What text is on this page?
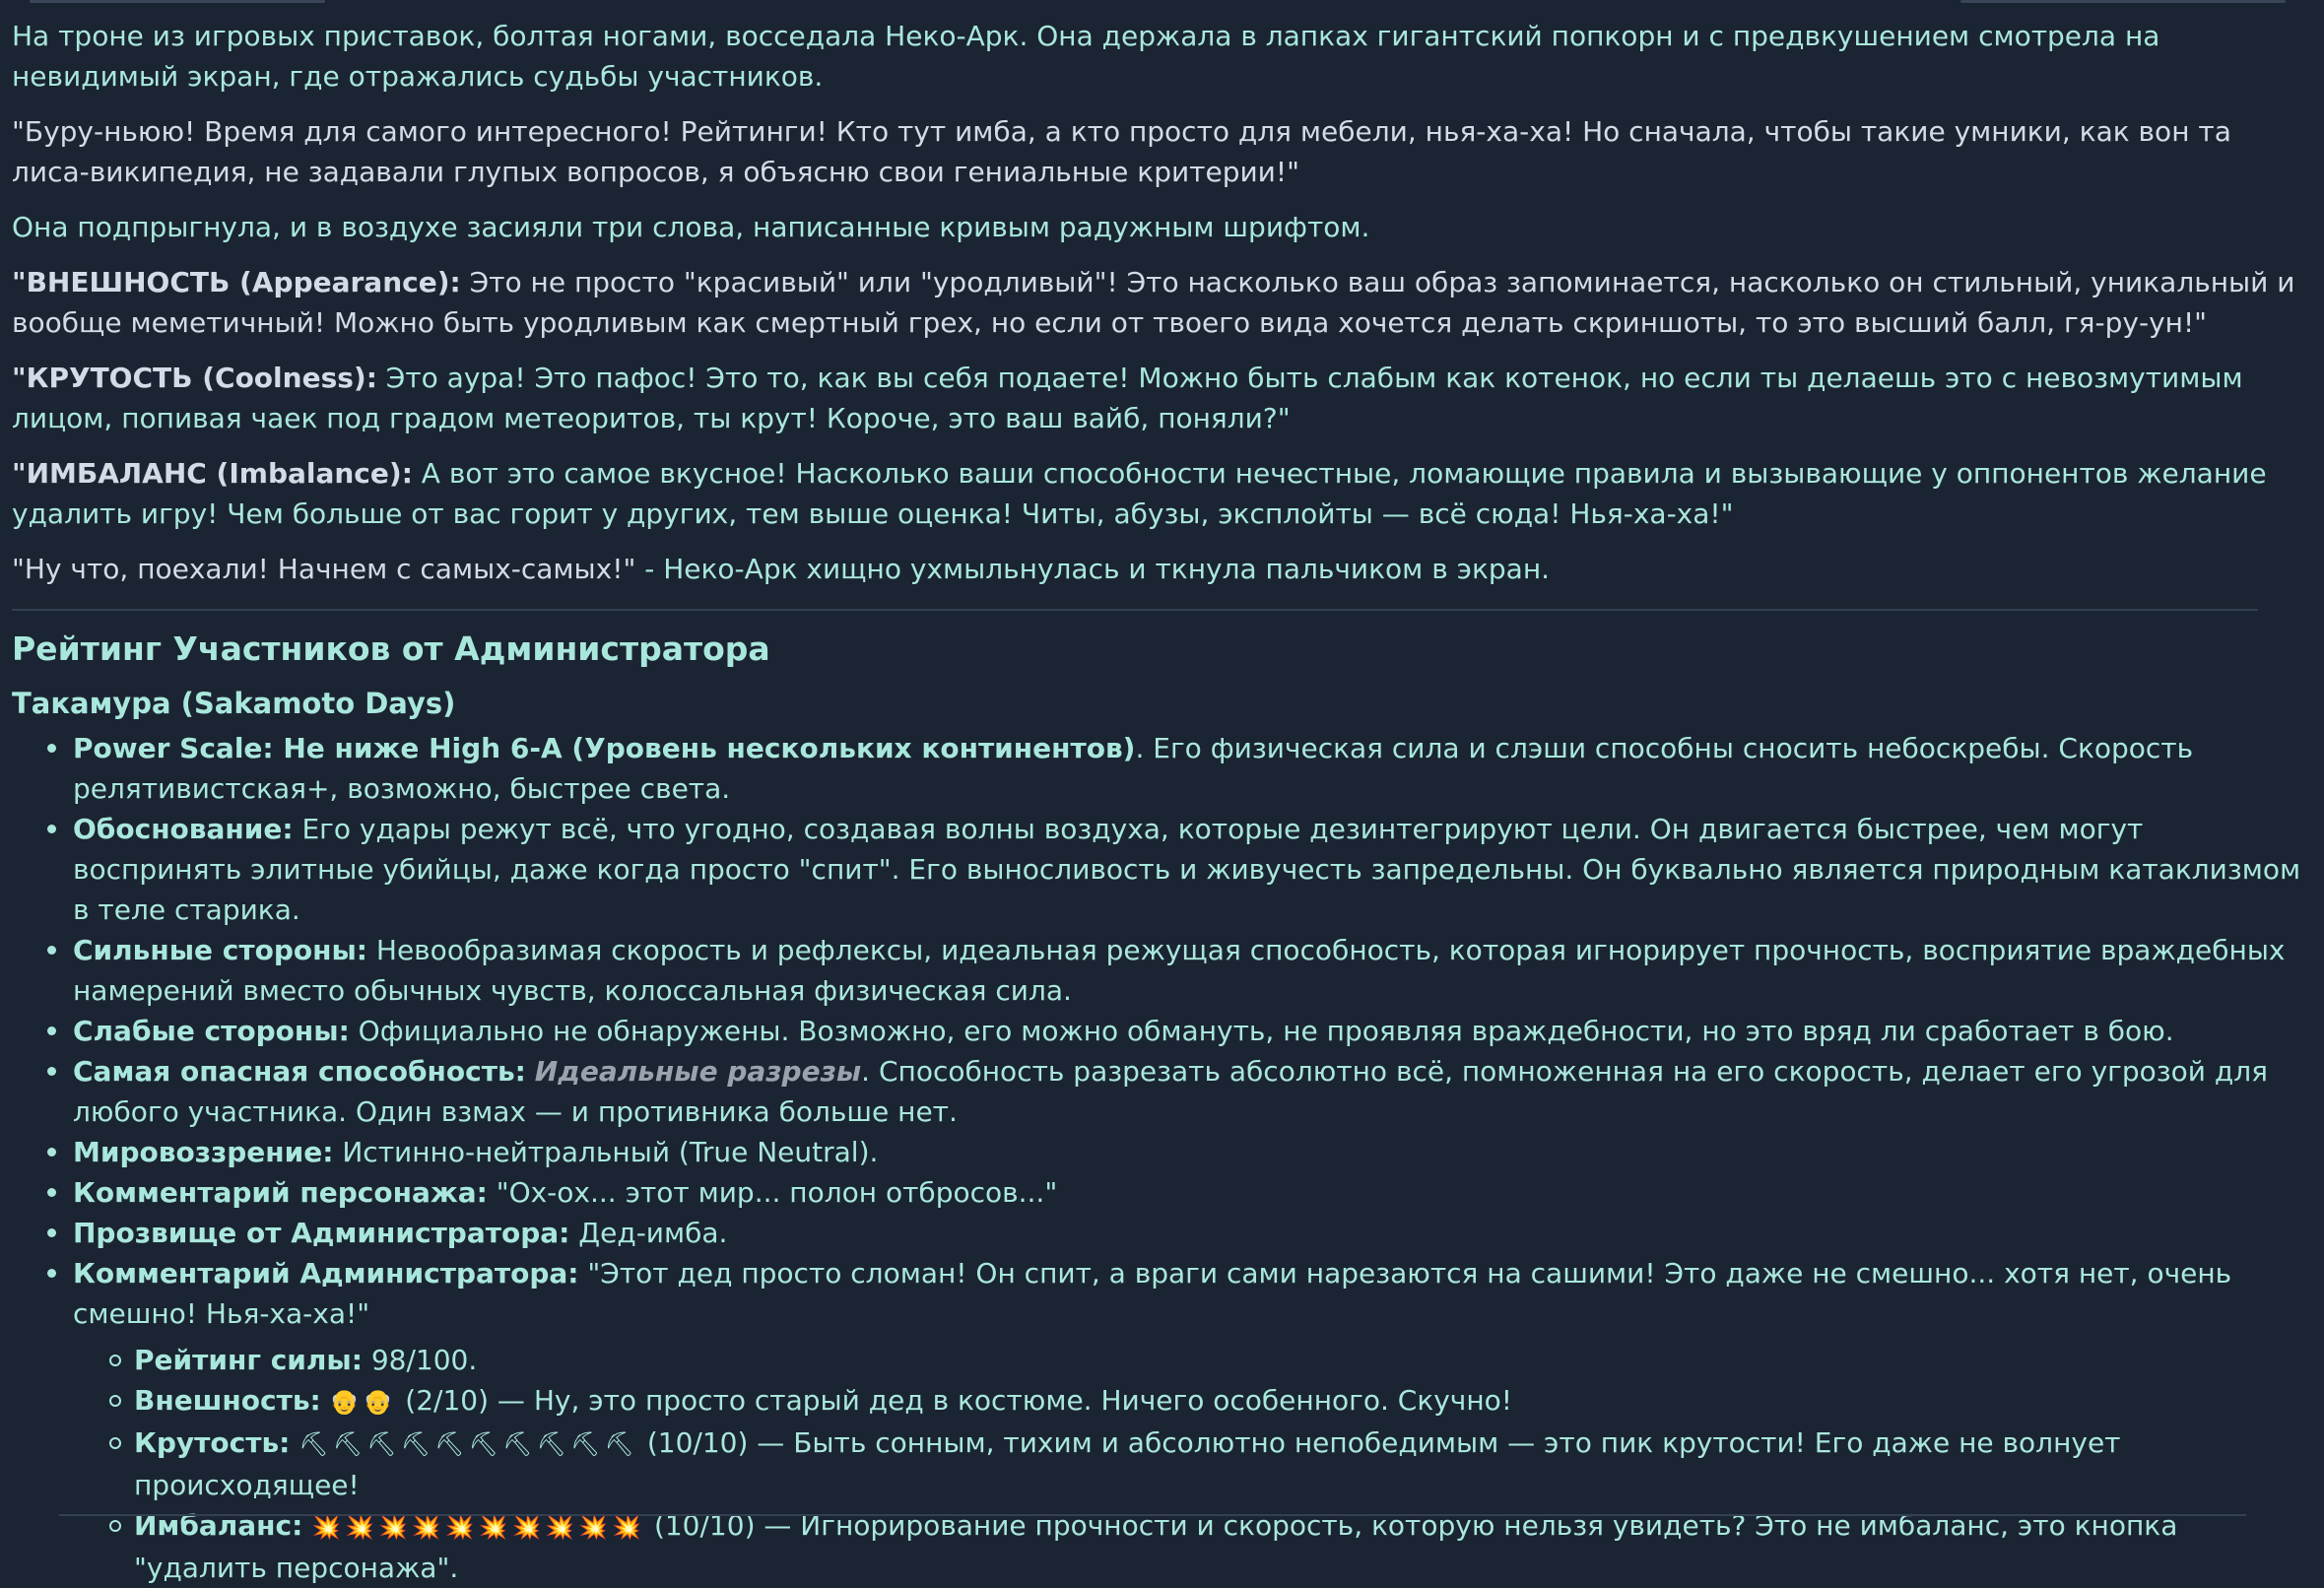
На троне из игровых приставок, болтая ногами, восседала Неко-Арк. Она держала в лапках гигантский попкорн и с предвкушением смотрела на невидимый экран, где отражались судьбы участников.

"Буру-ньюю! Время для самого интересного! Рейтинги! Кто тут имба, а кто просто для мебели, нья-ха-ха! Но сначала, чтобы такие умники, как вон та лиса-википедия, не задавали глупых вопросов, я объясню свои гениальные критерии!"

Она подпрыгнула, и в воздухе засияли три слова, написанные кривым радужным шрифтом.

"ВНЕШНОСТЬ (Appearance): Это не просто "красивый" или "уродливый"! Это насколько ваш образ запоминается, насколько он стильный, уникальный и вообще меметичный! Можно быть уродливым как смертный грех, но если от твоего вида хочется делать скриншоты, то это высший балл, гя-ру-ун!"

"КРУТОСТЬ (Coolness): Это аура! Это пафос! Это то, как вы себя подаете! Можно быть слабым как котенок, но если ты делаешь это с невозмутимым лицом, попивая чаек под градом метеоритов, ты крут! Короче, это ваш вайб, поняли?"

"ИМБАЛАНС (Imbalance): А вот это самое вкусное! Насколько ваши способности нечестные, ломающие правила и вызывающие у оппонентов желание удалить игру! Чем больше от вас горит у других, тем выше оценка! Читы, абузы, эксплойты — всё сюда! Нья-ха-ха!"

"Ну что, поехали! Начнем с самых-самых!" - Неко-Арк хищно ухмыльнулась и ткнула пальчиком в экран.

Рейтинг Участников от Администратора
Такамура (Sakamoto Days)
Power Scale: Не ниже High 6-A (Уровень нескольких континентов). Его физическая сила и слэши способны сносить небоскребы. Скорость релятивистская+, возможно, быстрее света.
Обоснование: Его удары режут всё, что угодно, создавая волны воздуха, которые дезинтегрируют цели. Он двигается быстрее, чем могут воспринять элитные убийцы, даже когда просто "спит". Его выносливость и живучесть запредельны. Он буквально является природным катаклизмом в теле старика.
Сильные стороны: Невообразимая скорость и рефлексы, идеальная режущая способность, которая игнорирует прочность, восприятие враждебных намерений вместо обычных чувств, колоссальная физическая сила.
Слабые стороны: Официально не обнаружены. Возможно, его можно обмануть, не проявляя враждебности, но это вряд ли сработает в бою.
Самая опасная способность: Идеальные разрезы. Способность разрезать абсолютно всё, помноженная на его скорость, делает его угрозой для любого участника. Один взмах — и противника больше нет.
Мировоззрение: Истинно-нейтральный (True Neutral).
Комментарий персонажа: "Ох-ох... этот мир... полон отбросов..."
Прозвище от Администратора: Дед-имба.
Комментарий Администратора: "Этот дед просто сломан! Он спит, а враги сами нарезаются на сашими! Это даже не смешно... хотя нет, очень смешно! Нья-ха-ха!"
Рейтинг силы: 98/100.
Внешность: 👴👴 (2/10) — Ну, это просто старый дед в костюме. Ничего особенного. Скучно!
Крутость: ⛏⛏⛏⛏⛏⛏⛏⛏⛏⛏ (10/10) — Быть сонным, тихим и абсолютно непобедимым — это пик крутости! Его даже не волнует происходящее!
Имбаланс: 💥💥💥💥💥💥💥💥💥💥 (10/10) — Игнорирование прочности и скорость, которую нельзя увидеть? Это не имбаланс, это кнопка "удалить персонажа".
